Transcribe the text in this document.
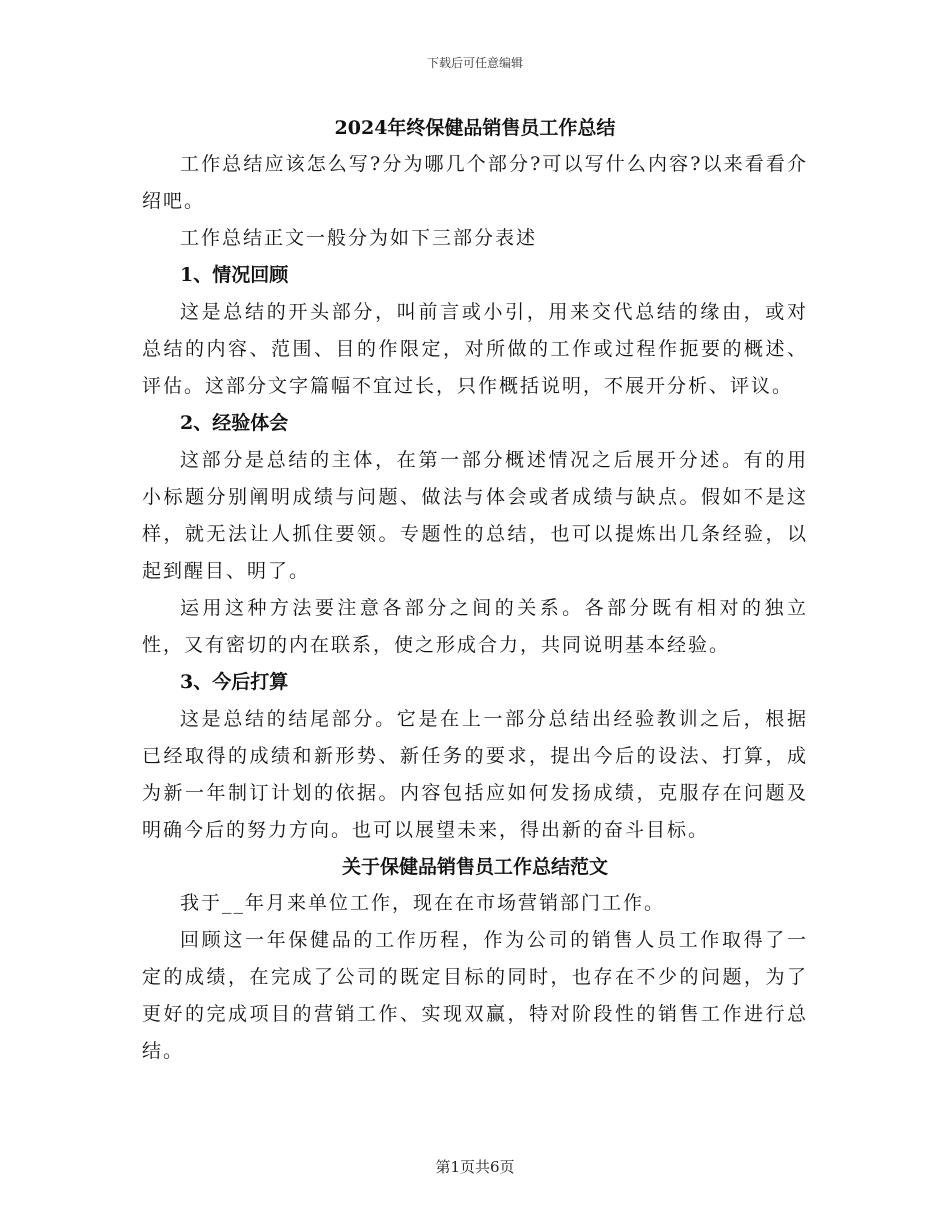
下载后可任意编辑

2024年终保健品销售员工作总结

工作总结应该怎么写?分为哪几个部分?可以写什么内容?以来看看介绍吧。

工作总结正文一般分为如下三部分表述

1、情况回顾

这是总结的开头部分，叫前言或小引，用来交代总结的缘由，或对总结的内容、范围、目的作限定，对所做的工作或过程作扼要的概述、评估。这部分文字篇幅不宜过长，只作概括说明，不展开分析、评议。

2、经验体会

这部分是总结的主体，在第一部分概述情况之后展开分述。有的用小标题分别阐明成绩与问题、做法与体会或者成绩与缺点。假如不是这样，就无法让人抓住要领。专题性的总结，也可以提炼出几条经验，以起到醒目、明了。

运用这种方法要注意各部分之间的关系。各部分既有相对的独立性，又有密切的内在联系，使之形成合力，共同说明基本经验。

3、今后打算

这是总结的结尾部分。它是在上一部分总结出经验教训之后，根据已经取得的成绩和新形势、新任务的要求，提出今后的设法、打算，成为新一年制订计划的依据。内容包括应如何发扬成绩，克服存在问题及明确今后的努力方向。也可以展望未来，得出新的奋斗目标。

关于保健品销售员工作总结范文

我于__年月来单位工作，现在在市场营销部门工作。

回顾这一年保健品的工作历程，作为公司的销售人员工作取得了一定的成绩，在完成了公司的既定目标的同时，也存在不少的问题，为了更好的完成项目的营销工作、实现双赢，特对阶段性的销售工作进行总结。

第1页共6页
